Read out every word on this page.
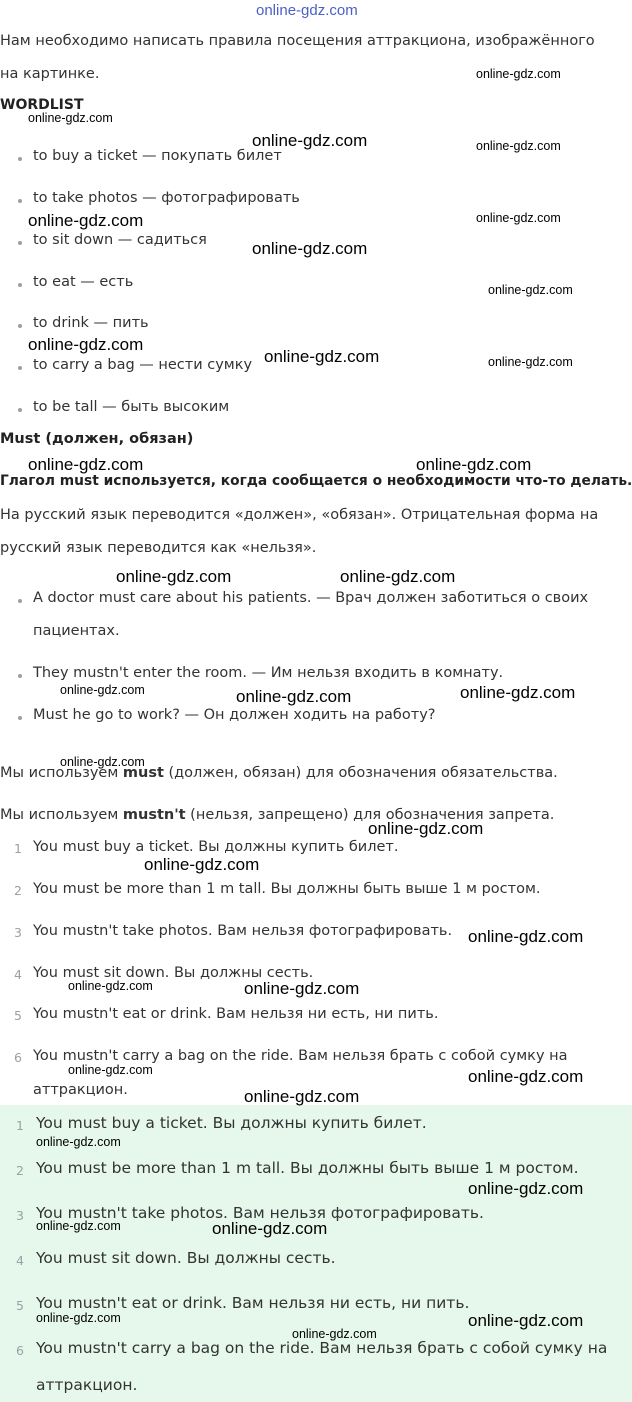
Нам необходимо написать правила посещения аттракциона, изображённого
на картинке.
WORDLIST
to buy a ticket — покупать билет
to take photos — фотографировать
to sit down — садиться
to eat — есть
to drink — пить
to carry a bag — нести сумку
to be tall — быть высоким
Must (должен, обязан)
Глагол must используется, когда сообщается о необходимости что-то делать.
На русский язык переводится «должен», «обязан». Отрицательная форма на
русский язык переводится как «нельзя».
A doctor must care about his patients. — Врач должен заботиться о своих
пациентах.
They mustn't enter the room. — Им нельзя входить в комнату.
Must he go to work? — Он должен ходить на работу?
Мы используем must (должен, обязан) для обозначения обязательства.
Мы используем mustn't (нельзя, запрещено) для обозначения запрета.
1 You must buy a ticket. Вы должны купить билет.
2 You must be more than 1 m tall. Вы должны быть выше 1 м ростом.
3 You mustn't take photos. Вам нельзя фотографировать.
4 You must sit down. Вы должны сесть.
5 You mustn't eat or drink. Вам нельзя ни есть, ни пить.
6 You mustn't carry a bag on the ride. Вам нельзя брать с собой сумку на
аттракцион.
1 You must buy a ticket. Вы должны купить билет.
2 You must be more than 1 m tall. Вы должны быть выше 1 м ростом.
3 You mustn't take photos. Вам нельзя фотографировать.
4 You must sit down. Вы должны сесть.
5 You mustn't eat or drink. Вам нельзя ни есть, ни пить.
6 You mustn't carry a bag on the ride. Вам нельзя брать с собой сумку на
аттракцион.
online-gdz.com
online-gdz.com
online-gdz.com
online-gdz.com	online-gdz.com
online-gdz.com	online-gdz.com
online-gdz.com
online-gdz.com
online-gdz.com
online-gdz.com	online-gdz.com
online-gdz.com	online-gdz.com
online-gdz.com	online-gdz.com
online-gdz.com	online-gdz.com	online-gdz.com
online-gdz.com
online-gdz.com
online-gdz.com
online-gdz.com
online-gdz.com	online-gdz.com
online-gdz.com	online-gdz.com
online-gdz.com
online-gdz.com
online-gdz.com
online-gdz.com	online-gdz.com
online-gdz.com	online-gdz.com
online-gdz.com
